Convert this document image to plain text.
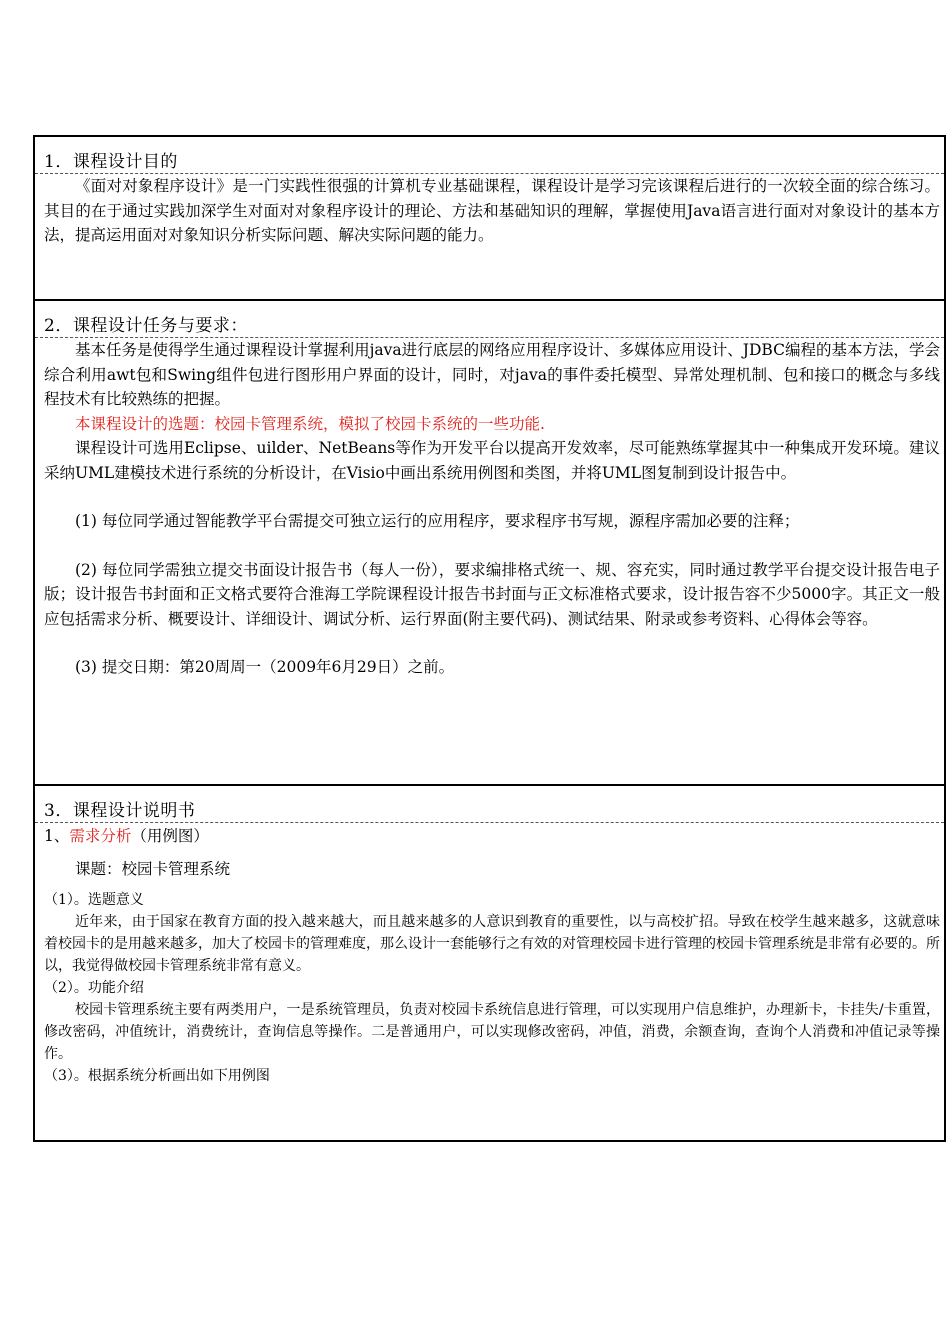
1．课程设计目的

《面对对象程序设计》是一门实践性很强的计算机专业基础课程，课程设计是学习完该课程后进行的一次较全面的综合练习。其目的在于通过实践加深学生对面对对象程序设计的理论、方法和基础知识的理解，掌握使用Java语言进行面对对象设计的基本方法，提高运用面对对象知识分析实际问题、解决实际问题的能力。

2．课程设计任务与要求：

基本任务是使得学生通过课程设计掌握利用java进行底层的网络应用程序设计、多媒体应用设计、JDBC编程的基本方法，学会综合利用awt包和Swing组件包进行图形用户界面的设计，同时，对java的事件委托模型、异常处理机制、包和接口的概念与多线程技术有比较熟练的把握。

本课程设计的选题：校园卡管理系统，模拟了校园卡系统的一些功能.

课程设计可选用Eclipse、uilder、NetBeans等作为开发平台以提高开发效率，尽可能熟练掌握其中一种集成开发环境。建议采纳UML建模技术进行系统的分析设计，在Visio中画出系统用例图和类图，并将UML图复制到设计报告中。

(1) 每位同学通过智能教学平台需提交可独立运行的应用程序，要求程序书写规，源程序需加必要的注释；

(2) 每位同学需独立提交书面设计报告书（每人一份），要求编排格式统一、规、容充实，同时通过教学平台提交设计报告电子版；设计报告书封面和正文格式要符合淮海工学院课程设计报告书封面与正文标准格式要求，设计报告容不少5000字。其正文一般应包括需求分析、概要设计、详细设计、调试分析、运行界面(附主要代码)、测试结果、附录或参考资料、心得体会等容。

(3) 提交日期：第20周周一（2009年6月29日）之前。

3．课程设计说明书

1、需求分析（用例图）

课题：校园卡管理系统

（1）。选题意义

近年来，由于国家在教育方面的投入越来越大，而且越来越多的人意识到教育的重要性，以与高校扩招。导致在校学生越来越多，这就意味着校园卡的是用越来越多，加大了校园卡的管理难度，那么设计一套能够行之有效的对管理校园卡进行管理的校园卡管理系统是非常有必要的。所以，我觉得做校园卡管理系统非常有意义。

（2）。功能介绍

校园卡管理系统主要有两类用户，一是系统管理员，负责对校园卡系统信息进行管理，可以实现用户信息维护，办理新卡，卡挂失/卡重置，修改密码，冲值统计，消费统计，查询信息等操作。二是普通用户，可以实现修改密码，冲值，消费，余额查询，查询个人消费和冲值记录等操作。

（3）。根据系统分析画出如下用例图
